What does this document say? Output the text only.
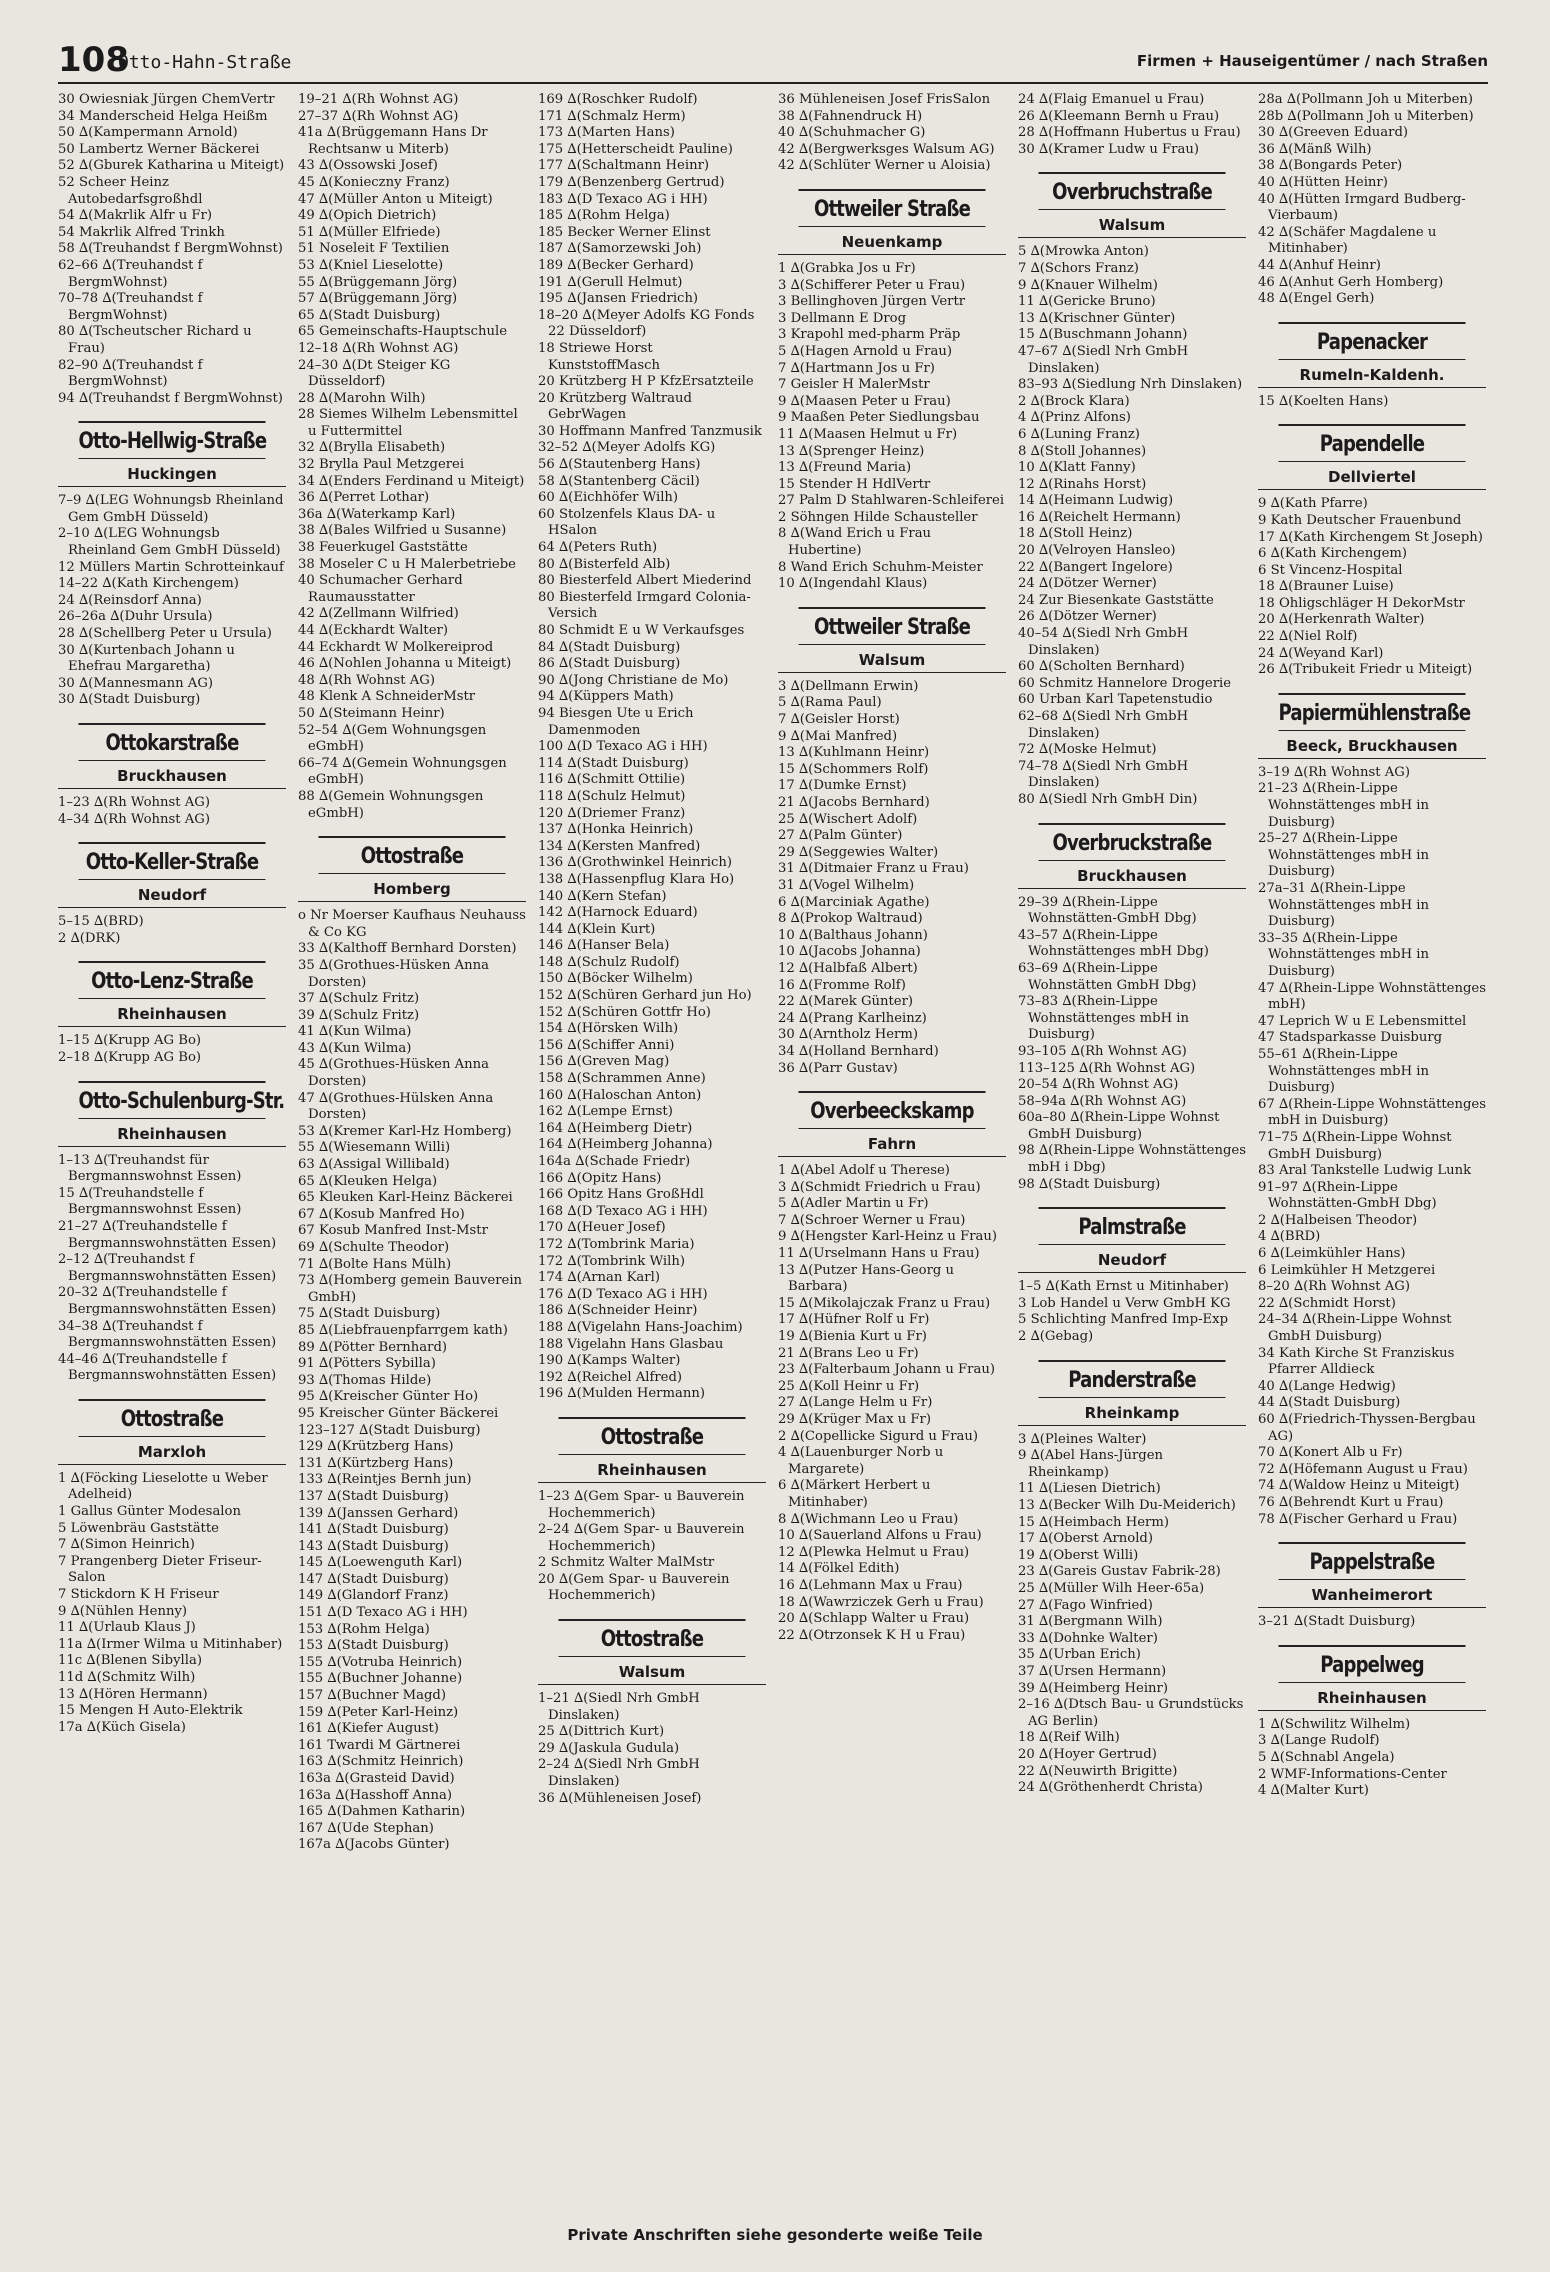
108
Otto-Hahn-Straße	Firmen + Hauseigentümer / nach Straßen
30 Owiesniak Jürgen ChemVertr
34 Manderscheid Helga Heißm
50 ∆(Kampermann Arnold)
50 Lambertz Werner Bäckerei
52 ∆(Gburek Katharina u Miteigt)
52 Scheer Heinz Autobedarfsgroßhdl
54 ∆(Makrlik Alfr u Fr)
54 Makrlik Alfred Trinkh
58 ∆(Treuhandst f BergmWohnst)
62–66 ∆(Treuhandst f BergmWohnst)
70–78 ∆(Treuhandst f BergmWohnst)
80 ∆(Tscheutscher Richard u Frau)
82–90 ∆(Treuhandst f BergmWohnst)
94 ∆(Treuhandst f BergmWohnst)
Otto-Hellwig-Straße
Huckingen
7–9 ∆(LEG Wohnungsb Rheinland Gem GmbH Düsseld)
2–10 ∆(LEG Wohnungsb Rheinland Gem GmbH Düsseld)
12 Müllers Martin Schrotteinkauf
14–22 ∆(Kath Kirchengem)
24 ∆(Reinsdorf Anna)
26–26a ∆(Duhr Ursula)
28 ∆(Schellberg Peter u Ursula)
30 ∆(Kurtenbach Johann u Ehefrau Margaretha)
30 ∆(Mannesmann AG)
30 ∆(Stadt Duisburg)
Ottokarstraße
Bruckhausen
1–23 ∆(Rh Wohnst AG)
4–34 ∆(Rh Wohnst AG)
Otto-Keller-Straße
Neudorf
5–15 ∆(BRD)
2 ∆(DRK)
Otto-Lenz-Straße
Rheinhausen
1–15 ∆(Krupp AG Bo)
2–18 ∆(Krupp AG Bo)
Otto-Schulenburg-Str.
Rheinhausen
1–13 ∆(Treuhandst für Bergmannswohnst Essen)
15 ∆(Treuhandstelle f Bergmannswohnst Essen)
21–27 ∆(Treuhandstelle f Bergmannswohnstätten Essen)
2–12 ∆(Treuhandst f Bergmannswohnstätten Essen)
20–32 ∆(Treuhandstelle f Bergmannswohnstätten Essen)
34–38 ∆(Treuhandst f Bergmannswohnstätten Essen)
44–46 ∆(Treuhandstelle f Bergmannswohnstätten Essen)
Ottostraße
Marxloh
1 ∆(Föcking Lieselotte u Weber Adelheid)
1 Gallus Günter Modesalon
5 Löwenbräu Gaststätte
7 ∆(Simon Heinrich)
7 Prangenberg Dieter Friseur-Salon
7 Stickdorn K H Friseur
9 ∆(Nühlen Henny)
11 ∆(Urlaub Klaus J)
11a ∆(Irmer Wilma u Mitinhaber)
11c ∆(Blenen Sibylla)
11d ∆(Schmitz Wilh)
13 ∆(Hören Hermann)
15 Mengen H Auto-Elektrik
17a ∆(Küch Gisela)
19–21 ∆(Rh Wohnst AG)
27–37 ∆(Rh Wohnst AG)
41a ∆(Brüggemann Hans Dr Rechtsanw u Miterb)
43 ∆(Ossowski Josef)
45 ∆(Konieczny Franz)
47 ∆(Müller Anton u Miteigt)
49 ∆(Opich Dietrich)
51 ∆(Müller Elfriede)
51 Noseleit F Textilien
53 ∆(Kniel Lieselotte)
55 ∆(Brüggemann Jörg)
57 ∆(Brüggemann Jörg)
65 ∆(Stadt Duisburg)
65 Gemeinschafts-Hauptschule
12–18 ∆(Rh Wohnst AG)
24–30 ∆(Dt Steiger KG Düsseldorf)
28 ∆(Marohn Wilh)
28 Siemes Wilhelm Lebensmittel u Futtermittel
32 ∆(Brylla Elisabeth)
32 Brylla Paul Metzgerei
34 ∆(Enders Ferdinand u Miteigt)
36 ∆(Perret Lothar)
36a ∆(Waterkamp Karl)
38 ∆(Bales Wilfried u Susanne)
38 Feuerkugel Gaststätte
38 Moseler C u H Malerbetriebe
40 Schumacher Gerhard Raumausstatter
42 ∆(Zellmann Wilfried)
44 ∆(Eckhardt Walter)
44 Eckhardt W Molkereiprod
46 ∆(Nohlen Johanna u Miteigt)
48 ∆(Rh Wohnst AG)
48 Klenk A SchneiderMstr
50 ∆(Steimann Heinr)
52–54 ∆(Gem Wohnungsgen eGmbH)
66–74 ∆(Gemein Wohnungsgen eGmbH)
88 ∆(Gemein Wohnungsgen eGmbH)
Ottostraße
Homberg
o Nr Moerser Kaufhaus Neuhauss & Co KG
33 ∆(Kalthoff Bernhard Dorsten)
35 ∆(Grothues-Hüsken Anna Dorsten)
37 ∆(Schulz Fritz)
39 ∆(Schulz Fritz)
41 ∆(Kun Wilma)
43 ∆(Kun Wilma)
45 ∆(Grothues-Hüsken Anna Dorsten)
47 ∆(Grothues-Hülsken Anna Dorsten)
53 ∆(Kremer Karl-Hz Homberg)
55 ∆(Wiesemann Willi)
63 ∆(Assigal Willibald)
65 ∆(Kleuken Helga)
65 Kleuken Karl-Heinz Bäckerei
67 ∆(Kosub Manfred Ho)
67 Kosub Manfred Inst-Mstr
69 ∆(Schulte Theodor)
71 ∆(Bolte Hans Mülh)
73 ∆(Homberg gemein Bauverein GmbH)
75 ∆(Stadt Duisburg)
85 ∆(Liebfrauenpfarrgem kath)
89 ∆(Pötter Bernhard)
91 ∆(Pötters Sybilla)
93 ∆(Thomas Hilde)
95 ∆(Kreischer Günter Ho)
95 Kreischer Günter Bäckerei
123–127 ∆(Stadt Duisburg)
129 ∆(Krützberg Hans)
131 ∆(Kürtzberg Hans)
133 ∆(Reintjes Bernh jun)
137 ∆(Stadt Duisburg)
139 ∆(Janssen Gerhard)
141 ∆(Stadt Duisburg)
143 ∆(Stadt Duisburg)
145 ∆(Loewenguth Karl)
147 ∆(Stadt Duisburg)
149 ∆(Glandorf Franz)
151 ∆(D Texaco AG i HH)
153 ∆(Rohm Helga)
153 ∆(Stadt Duisburg)
155 ∆(Votruba Heinrich)
155 ∆(Buchner Johanne)
157 ∆(Buchner Magd)
159 ∆(Peter Karl-Heinz)
161 ∆(Kiefer August)
161 Twardi M Gärtnerei
163 ∆(Schmitz Heinrich)
163a ∆(Grasteid David)
163a ∆(Hasshoff Anna)
165 ∆(Dahmen Katharin)
167 ∆(Ude Stephan)
167a ∆(Jacobs Günter)
169 ∆(Roschker Rudolf)
171 ∆(Schmalz Herm)
173 ∆(Marten Hans)
175 ∆(Hetterscheidt Pauline)
177 ∆(Schaltmann Heinr)
179 ∆(Benzenberg Gertrud)
183 ∆(D Texaco AG i HH)
185 ∆(Rohm Helga)
185 Becker Werner Elinst
187 ∆(Samorzewski Joh)
189 ∆(Becker Gerhard)
191 ∆(Gerull Helmut)
195 ∆(Jansen Friedrich)
18–20 ∆(Meyer Adolfs KG Fonds 22 Düsseldorf)
18 Striewe Horst KunststoffMasch
20 Krützberg H P KfzErsatzteile
20 Krützberg Waltraud GebrWagen
30 Hoffmann Manfred Tanzmusik
32–52 ∆(Meyer Adolfs KG)
56 ∆(Stautenberg Hans)
58 ∆(Stantenberg Cäcil)
60 ∆(Eichhöfer Wilh)
60 Stolzenfels Klaus DA- u HSalon
64 ∆(Peters Ruth)
80 ∆(Bisterfeld Alb)
80 Biesterfeld Albert Miederind
80 Biesterfeld Irmgard Colonia-Versich
80 Schmidt E u W Verkaufsges
84 ∆(Stadt Duisburg)
86 ∆(Stadt Duisburg)
90 ∆(Jong Christiane de Mo)
94 ∆(Küppers Math)
94 Biesgen Ute u Erich Damenmoden
100 ∆(D Texaco AG i HH)
114 ∆(Stadt Duisburg)
116 ∆(Schmitt Ottilie)
118 ∆(Schulz Helmut)
120 ∆(Driemer Franz)
137 ∆(Honka Heinrich)
134 ∆(Kersten Manfred)
136 ∆(Grothwinkel Heinrich)
138 ∆(Hassenpflug Klara Ho)
140 ∆(Kern Stefan)
142 ∆(Harnock Eduard)
144 ∆(Klein Kurt)
146 ∆(Hanser Bela)
148 ∆(Schulz Rudolf)
150 ∆(Böcker Wilhelm)
152 ∆(Schüren Gerhard jun Ho)
152 ∆(Schüren Gottfr Ho)
154 ∆(Hörsken Wilh)
156 ∆(Schiffer Anni)
156 ∆(Greven Mag)
158 ∆(Schrammen Anne)
160 ∆(Haloschan Anton)
162 ∆(Lempe Ernst)
164 ∆(Heimberg Dietr)
164 ∆(Heimberg Johanna)
164a ∆(Schade Friedr)
166 ∆(Opitz Hans)
166 Opitz Hans GroßHdl
168 ∆(D Texaco AG i HH)
170 ∆(Heuer Josef)
172 ∆(Tombrink Maria)
172 ∆(Tombrink Wilh)
174 ∆(Arnan Karl)
176 ∆(D Texaco AG i HH)
186 ∆(Schneider Heinr)
188 ∆(Vigelahn Hans-Joachim)
188 Vigelahn Hans Glasbau
190 ∆(Kamps Walter)
192 ∆(Reichel Alfred)
196 ∆(Mulden Hermann)
Ottostraße
Rheinhausen
1–23 ∆(Gem Spar- u Bauverein Hochemmerich)
2–24 ∆(Gem Spar- u Bauverein Hochemmerich)
2 Schmitz Walter MalMstr
20 ∆(Gem Spar- u Bauverein Hochemmerich)
Ottostraße
Walsum
1–21 ∆(Siedl Nrh GmbH Dinslaken)
25 ∆(Dittrich Kurt)
29 ∆(Jaskula Gudula)
2–24 ∆(Siedl Nrh GmbH Dinslaken)
36 ∆(Mühleneisen Josef)
36 Mühleneisen Josef FrisSalon
38 ∆(Fahnendruck H)
40 ∆(Schuhmacher G)
42 ∆(Bergwerksges Walsum AG)
42 ∆(Schlüter Werner u Aloisia)
Ottweiler Straße
Neuenkamp
1 ∆(Grabka Jos u Fr)
3 ∆(Schifferer Peter u Frau)
3 Bellinghoven Jürgen Vertr
3 Dellmann E Drog
3 Krapohl med-pharm Präp
5 ∆(Hagen Arnold u Frau)
7 ∆(Hartmann Jos u Fr)
7 Geisler H MalerMstr
9 ∆(Maasen Peter u Frau)
9 Maaßen Peter Siedlungsbau
11 ∆(Maasen Helmut u Fr)
13 ∆(Sprenger Heinz)
13 ∆(Freund Maria)
15 Stender H HdlVertr
27 Palm D Stahlwaren-Schleiferei
2 Söhngen Hilde Schausteller
8 ∆(Wand Erich u Frau Hubertine)
8 Wand Erich Schuhm-Meister
10 ∆(Ingendahl Klaus)
Ottweiler Straße
Walsum
3 ∆(Dellmann Erwin)
5 ∆(Rama Paul)
7 ∆(Geisler Horst)
9 ∆(Mai Manfred)
13 ∆(Kuhlmann Heinr)
15 ∆(Schommers Rolf)
17 ∆(Dumke Ernst)
21 ∆(Jacobs Bernhard)
25 ∆(Wischert Adolf)
27 ∆(Palm Günter)
29 ∆(Seggewies Walter)
31 ∆(Ditmaier Franz u Frau)
31 ∆(Vogel Wilhelm)
6 ∆(Marciniak Agathe)
8 ∆(Prokop Waltraud)
10 ∆(Balthaus Johann)
10 ∆(Jacobs Johanna)
12 ∆(Halbfaß Albert)
16 ∆(Fromme Rolf)
22 ∆(Marek Günter)
24 ∆(Prang Karlheinz)
30 ∆(Arntholz Herm)
34 ∆(Holland Bernhard)
36 ∆(Parr Gustav)
Overbeeckskamp
Fahrn
1 ∆(Abel Adolf u Therese)
3 ∆(Schmidt Friedrich u Frau)
5 ∆(Adler Martin u Fr)
7 ∆(Schroer Werner u Frau)
9 ∆(Hengster Karl-Heinz u Frau)
11 ∆(Urselmann Hans u Frau)
13 ∆(Putzer Hans-Georg u Barbara)
15 ∆(Mikolajczak Franz u Frau)
17 ∆(Hüfner Rolf u Fr)
19 ∆(Bienia Kurt u Fr)
21 ∆(Brans Leo u Fr)
23 ∆(Falterbaum Johann u Frau)
25 ∆(Koll Heinr u Fr)
27 ∆(Lange Helm u Fr)
29 ∆(Krüger Max u Fr)
2 ∆(Copellicke Sigurd u Frau)
4 ∆(Lauenburger Norb u Margarete)
6 ∆(Märkert Herbert u Mitinhaber)
8 ∆(Wichmann Leo u Frau)
10 ∆(Sauerland Alfons u Frau)
12 ∆(Plewka Helmut u Frau)
14 ∆(Fölkel Edith)
16 ∆(Lehmann Max u Frau)
18 ∆(Wawrziczek Gerh u Frau)
20 ∆(Schlapp Walter u Frau)
22 ∆(Otrzonsek K H u Frau)
24 ∆(Flaig Emanuel u Frau)
26 ∆(Kleemann Bernh u Frau)
28 ∆(Hoffmann Hubertus u Frau)
30 ∆(Kramer Ludw u Frau)
Overbruchstraße
Walsum
5 ∆(Mrowka Anton)
7 ∆(Schors Franz)
9 ∆(Knauer Wilhelm)
11 ∆(Gericke Bruno)
13 ∆(Krischner Günter)
15 ∆(Buschmann Johann)
47–67 ∆(Siedl Nrh GmbH Dinslaken)
83–93 ∆(Siedlung Nrh Dinslaken)
2 ∆(Brock Klara)
4 ∆(Prinz Alfons)
6 ∆(Luning Franz)
8 ∆(Stoll Johannes)
10 ∆(Klatt Fanny)
12 ∆(Rinahs Horst)
14 ∆(Heimann Ludwig)
16 ∆(Reichelt Hermann)
18 ∆(Stoll Heinz)
20 ∆(Velroyen Hansleo)
22 ∆(Bangert Ingelore)
24 ∆(Dötzer Werner)
24 Zur Biesenkate Gaststätte
26 ∆(Dötzer Werner)
40–54 ∆(Siedl Nrh GmbH Dinslaken)
60 ∆(Scholten Bernhard)
60 Schmitz Hannelore Drogerie
60 Urban Karl Tapetenstudio
62–68 ∆(Siedl Nrh GmbH Dinslaken)
72 ∆(Moske Helmut)
74–78 ∆(Siedl Nrh GmbH Dinslaken)
80 ∆(Siedl Nrh GmbH Din)
Overbruckstraße
Bruckhausen
29–39 ∆(Rhein-Lippe Wohnstätten-GmbH Dbg)
43–57 ∆(Rhein-Lippe Wohnstättenges mbH Dbg)
63–69 ∆(Rhein-Lippe Wohnstätten GmbH Dbg)
73–83 ∆(Rhein-Lippe Wohnstättenges mbH in Duisburg)
93–105 ∆(Rh Wohnst AG)
113–125 ∆(Rh Wohnst AG)
20–54 ∆(Rh Wohnst AG)
58–94a ∆(Rh Wohnst AG)
60a–80 ∆(Rhein-Lippe Wohnst GmbH Duisburg)
98 ∆(Rhein-Lippe Wohnstättenges mbH i Dbg)
98 ∆(Stadt Duisburg)
Palmstraße
Neudorf
1–5 ∆(Kath Ernst u Mitinhaber)
3 Lob Handel u Verw GmbH KG
5 Schlichting Manfred Imp-Exp
2 ∆(Gebag)
Panderstraße
Rheinkamp
3 ∆(Pleines Walter)
9 ∆(Abel Hans-Jürgen Rheinkamp)
11 ∆(Liesen Dietrich)
13 ∆(Becker Wilh Du-Meiderich)
15 ∆(Heimbach Herm)
17 ∆(Oberst Arnold)
19 ∆(Oberst Willi)
23 ∆(Gareis Gustav Fabrik-28)
25 ∆(Müller Wilh Heer-65a)
27 ∆(Fago Winfried)
31 ∆(Bergmann Wilh)
33 ∆(Dohnke Walter)
35 ∆(Urban Erich)
37 ∆(Ursen Hermann)
39 ∆(Heimberg Heinr)
2–16 ∆(Dtsch Bau- u Grundstücks AG Berlin)
18 ∆(Reif Wilh)
20 ∆(Hoyer Gertrud)
22 ∆(Neuwirth Brigitte)
24 ∆(Gröthenherdt Christa)
28a ∆(Pollmann Joh u Miterben)
28b ∆(Pollmann Joh u Miterben)
30 ∆(Greeven Eduard)
36 ∆(Mänß Wilh)
38 ∆(Bongards Peter)
40 ∆(Hütten Heinr)
40 ∆(Hütten Irmgard Budberg-Vierbaum)
42 ∆(Schäfer Magdalene u Mitinhaber)
44 ∆(Anhuf Heinr)
46 ∆(Anhut Gerh Homberg)
48 ∆(Engel Gerh)
Papenacker
Rumeln-Kaldenh.
15 ∆(Koelten Hans)
Papendelle
Dellviertel
9 ∆(Kath Pfarre)
9 Kath Deutscher Frauenbund
17 ∆(Kath Kirchengem St Joseph)
6 ∆(Kath Kirchengem)
6 St Vincenz-Hospital
18 ∆(Brauner Luise)
18 Ohligschläger H DekorMstr
20 ∆(Herkenrath Walter)
22 ∆(Niel Rolf)
24 ∆(Weyand Karl)
26 ∆(Tribukeit Friedr u Miteigt)
Papiermühlenstraße
Beeck, Bruckhausen
3–19 ∆(Rh Wohnst AG)
21–23 ∆(Rhein-Lippe Wohnstättenges mbH in Duisburg)
25–27 ∆(Rhein-Lippe Wohnstättenges mbH in Duisburg)
27a–31 ∆(Rhein-Lippe Wohnstättenges mbH in Duisburg)
33–35 ∆(Rhein-Lippe Wohnstättenges mbH in Duisburg)
47 ∆(Rhein-Lippe Wohnstättenges mbH)
47 Leprich W u E Lebensmittel
47 Stadsparkasse Duisburg
55–61 ∆(Rhein-Lippe Wohnstättenges mbH in Duisburg)
67 ∆(Rhein-Lippe Wohnstättenges mbH in Duisburg)
71–75 ∆(Rhein-Lippe Wohnst GmbH Duisburg)
83 Aral Tankstelle Ludwig Lunk
91–97 ∆(Rhein-Lippe Wohnstätten-GmbH Dbg)
2 ∆(Halbeisen Theodor)
4 ∆(BRD)
6 ∆(Leimkühler Hans)
6 Leimkühler H Metzgerei
8–20 ∆(Rh Wohnst AG)
22 ∆(Schmidt Horst)
24–34 ∆(Rhein-Lippe Wohnst GmbH Duisburg)
34 Kath Kirche St Franziskus Pfarrer Alldieck
40 ∆(Lange Hedwig)
44 ∆(Stadt Duisburg)
60 ∆(Friedrich-Thyssen-Bergbau AG)
70 ∆(Konert Alb u Fr)
72 ∆(Höfemann August u Frau)
74 ∆(Waldow Heinz u Miteigt)
76 ∆(Behrendt Kurt u Frau)
78 ∆(Fischer Gerhard u Frau)
Pappelstraße
Wanheimerort
3–21 ∆(Stadt Duisburg)
Pappelweg
Rheinhausen
1 ∆(Schwilitz Wilhelm)
3 ∆(Lange Rudolf)
5 ∆(Schnabl Angela)
2 WMF-Informations-Center
4 ∆(Malter Kurt)
Private Anschriften siehe gesonderte weiße Teile
